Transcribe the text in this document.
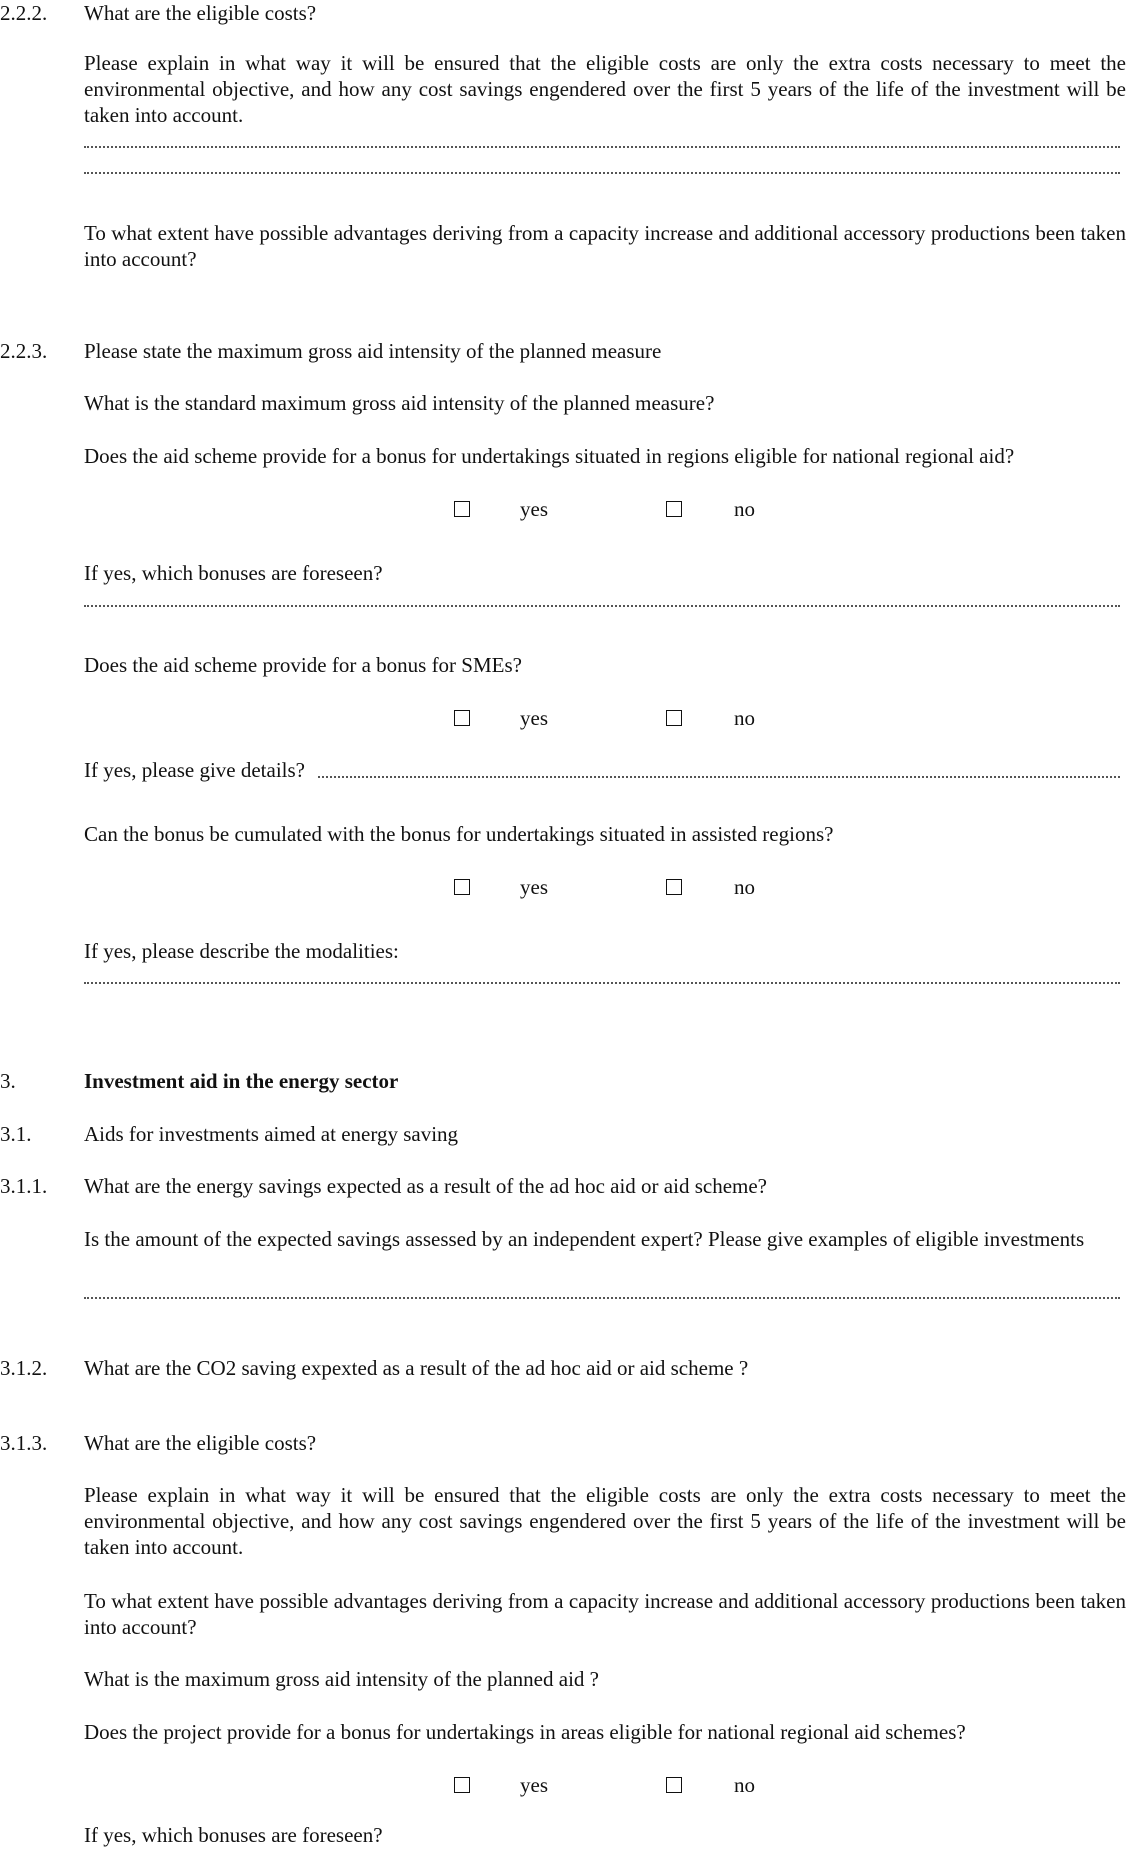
2.2.2. What are the eligible costs?
Please explain in what way it will be ensured that the eligible costs are only the extra costs necessary to meet the environmental objective, and how any cost savings engendered over the first 5 years of the life of the investment will be taken into account.
To what extent have possible advantages deriving from a capacity increase and additional accessory productions been taken into account?
2.2.3. Please state the maximum gross aid intensity of the planned measure
What is the standard maximum gross aid intensity of the planned measure?
Does the aid scheme provide for a bonus for undertakings situated in regions eligible for national regional aid?
yes	no
If yes, which bonuses are foreseen?
Does the aid scheme provide for a bonus for SMEs?
yes	no
If yes, please give details?
Can the bonus be cumulated with the bonus for undertakings situated in assisted regions?
yes	no
If yes, please describe the modalities:
3.	Investment aid in the energy sector
3.1.	Aids for investments aimed at energy saving
3.1.1. What are the energy savings expected as a result of the ad hoc aid or aid scheme?
Is the amount of the expected savings assessed by an independent expert? Please give examples of eligible investments
3.1.2. What are the CO2 saving expexted as a result of the ad hoc aid or aid scheme ?
3.1.3. What are the eligible costs?
Please explain in what way it will be ensured that the eligible costs are only the extra costs necessary to meet the environmental objective, and how any cost savings engendered over the first 5 years of the life of the investment will be taken into account.
To what extent have possible advantages deriving from a capacity increase and additional accessory productions been taken into account?
What is the maximum gross aid intensity of the planned aid ?
Does the project provide for a bonus for undertakings in areas eligible for national regional aid schemes?
yes	no
If yes, which bonuses are foreseen?
